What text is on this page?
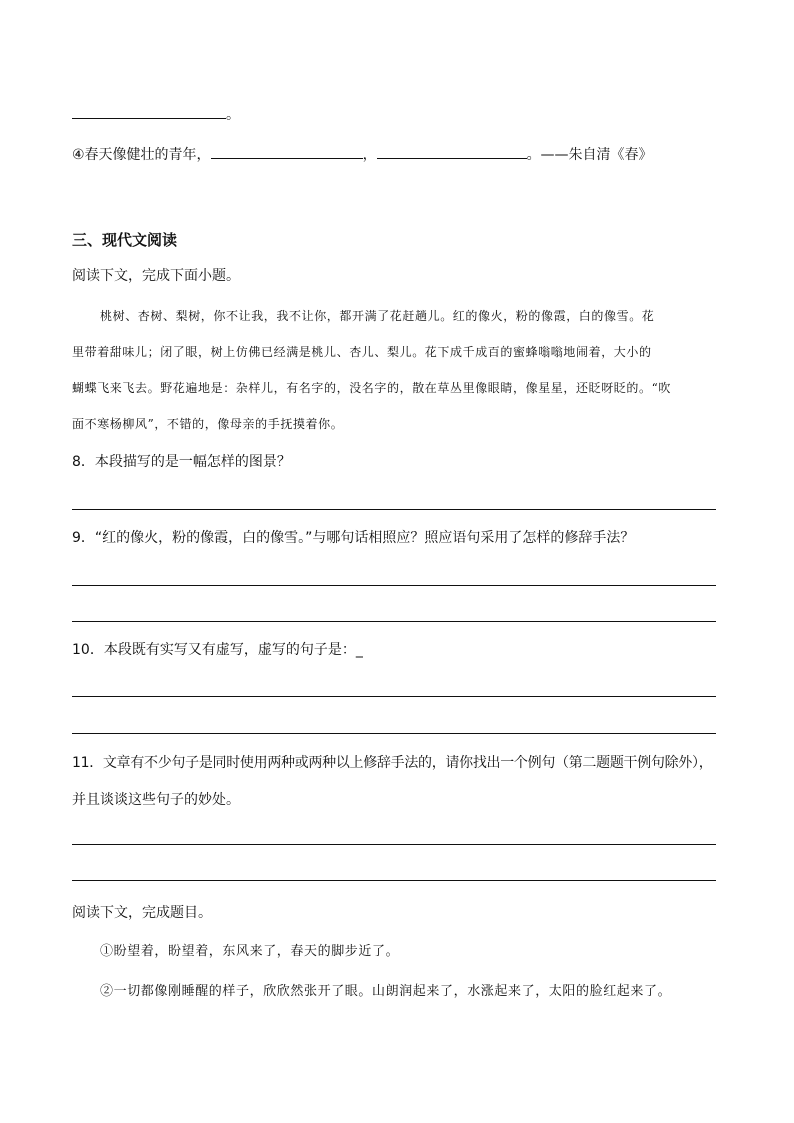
。
④春天像健壮的青年，	，	。——朱自清《春》
三、现代文阅读
阅读下文，完成下面小题。
桃树、杏树、梨树，你不让我，我不让你，都开满了花赶趟儿。红的像火，粉的像霞，白的像雪。花
里带着甜味儿；闭了眼，树上仿佛已经满是桃儿、杏儿、梨儿。花下成千成百的蜜蜂嗡嗡地闹着，大小的
蝴蝶飞来飞去。野花遍地是：杂样儿，有名字的，没名字的，散在草丛里像眼睛，像星星，还眨呀眨的。“吹
面不寒杨柳风”，不错的，像母亲的手抚摸着你。
8．本段描写的是一幅怎样的图景？
9．“红的像火，粉的像霞，白的像雪。”与哪句话相照应？照应语句采用了怎样的修辞手法？
10．本段既有实写又有虚写，虚写的句子是：_
11．文章有不少句子是同时使用两种或两种以上修辞手法的，请你找出一个例句（第二题题干例句除外），
并且谈谈这些句子的妙处。
阅读下文，完成题目。
①盼望着，盼望着，东风来了，春天的脚步近了。
②一切都像刚睡醒的样子，欣欣然张开了眼。山朗润起来了，水涨起来了，太阳的脸红起来了。
